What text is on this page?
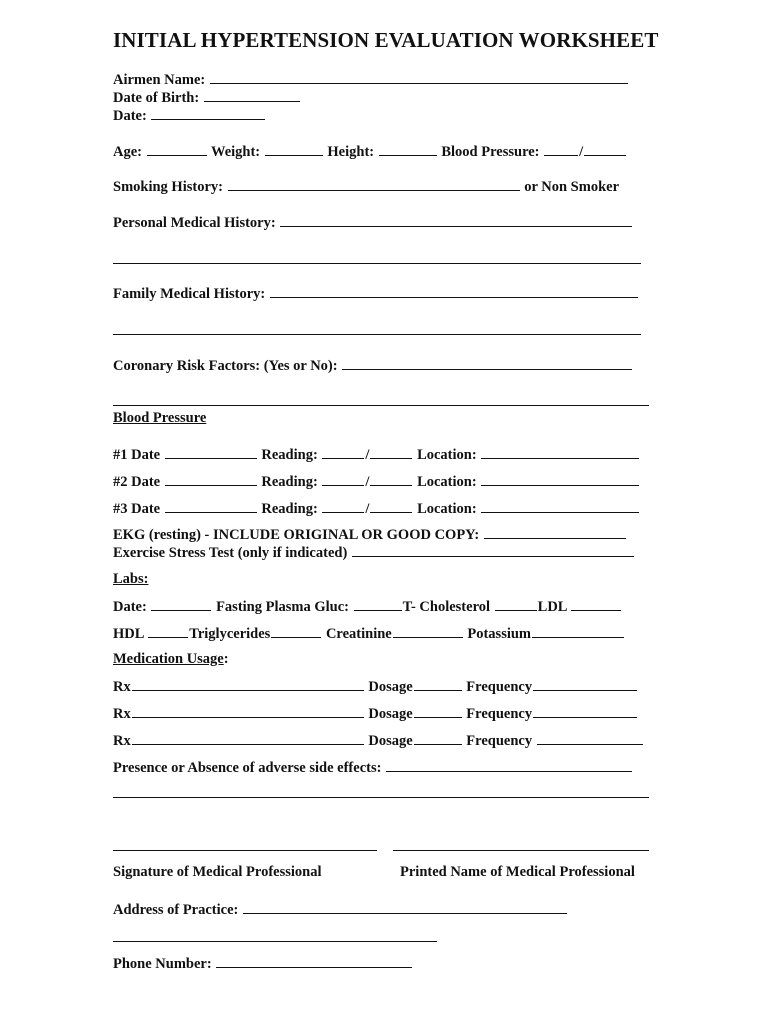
INITIAL HYPERTENSION EVALUATION WORKSHEET
Airmen Name:
Date of Birth:
Date:
Age:	Weight:	Height:	Blood Pressure:	/
Smoking History:	or Non Smoker
Personal Medical History:
Family Medical History:
Coronary Risk Factors: (Yes or No):
Blood Pressure
#1 Date	Reading:	/	Location:
#2 Date	Reading:	/	Location:
#3 Date	Reading:	/	Location:
EKG (resting) - INCLUDE ORIGINAL OR GOOD COPY:
Exercise Stress Test (only if indicated)
Labs:
Date:	Fasting Plasma Gluc:	T- Cholesterol	LDL
HDL	Triglycerides	Creatinine	Potassium
Medication Usage:
Rx	Dosage	Frequency
Rx	Dosage	Frequency
Rx	Dosage	Frequency
Presence or Absence of adverse side effects:
Signature of Medical Professional	Printed Name of Medical Professional
Address of Practice:
Phone Number:
